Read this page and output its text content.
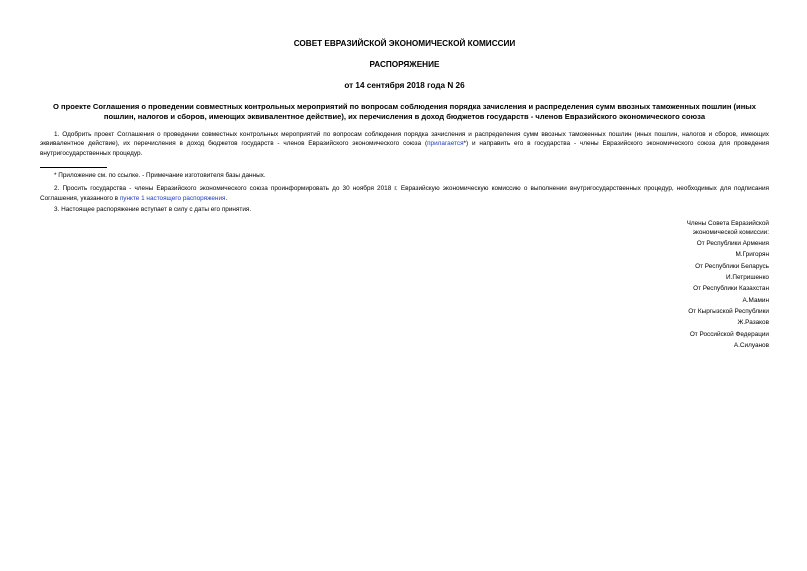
СОВЕТ ЕВРАЗИЙСКОЙ ЭКОНОМИЧЕСКОЙ КОМИССИИ
РАСПОРЯЖЕНИЕ
от 14 сентября 2018 года N 26
О проекте Соглашения о проведении совместных контрольных мероприятий по вопросам соблюдения порядка зачисления и распределения сумм ввозных таможенных пошлин (иных пошлин, налогов и сборов, имеющих эквивалентное действие), их перечисления в доход бюджетов государств - членов Евразийского экономического союза

1. Одобрить проект Соглашения о проведении совместных контрольных мероприятий по вопросам соблюдения порядка зачисления и распределения сумм ввозных таможенных пошлин (иных пошлин, налогов и сборов, имеющих эквивалентное действие), их перечисления в доход бюджетов государств - членов Евразийского экономического союза (прилагается*) и направить его в государства - члены Евразийского экономического союза для проведения внутригосударственных процедур.

* Приложение см. по ссылке. - Примечание изготовителя базы данных.

2. Просить государства - члены Евразийского экономического союза проинформировать до 30 ноября 2018 г. Евразийскую экономическую комиссию о выполнении внутригосударственных процедур, необходимых для подписания Соглашения, указанного в пункте 1 настоящего распоряжения.

3. Настоящее распоряжение вступает в силу с даты его принятия.

Члены Совета Евразийской
экономической комиссии:
От Республики Армения
М.Григорян
От Республики Беларусь
И.Петришенко
От Республики Казахстан
А.Мамин
От Кыргызской Республики
Ж.Разаков
От Российской Федерации
А.Силуанов
